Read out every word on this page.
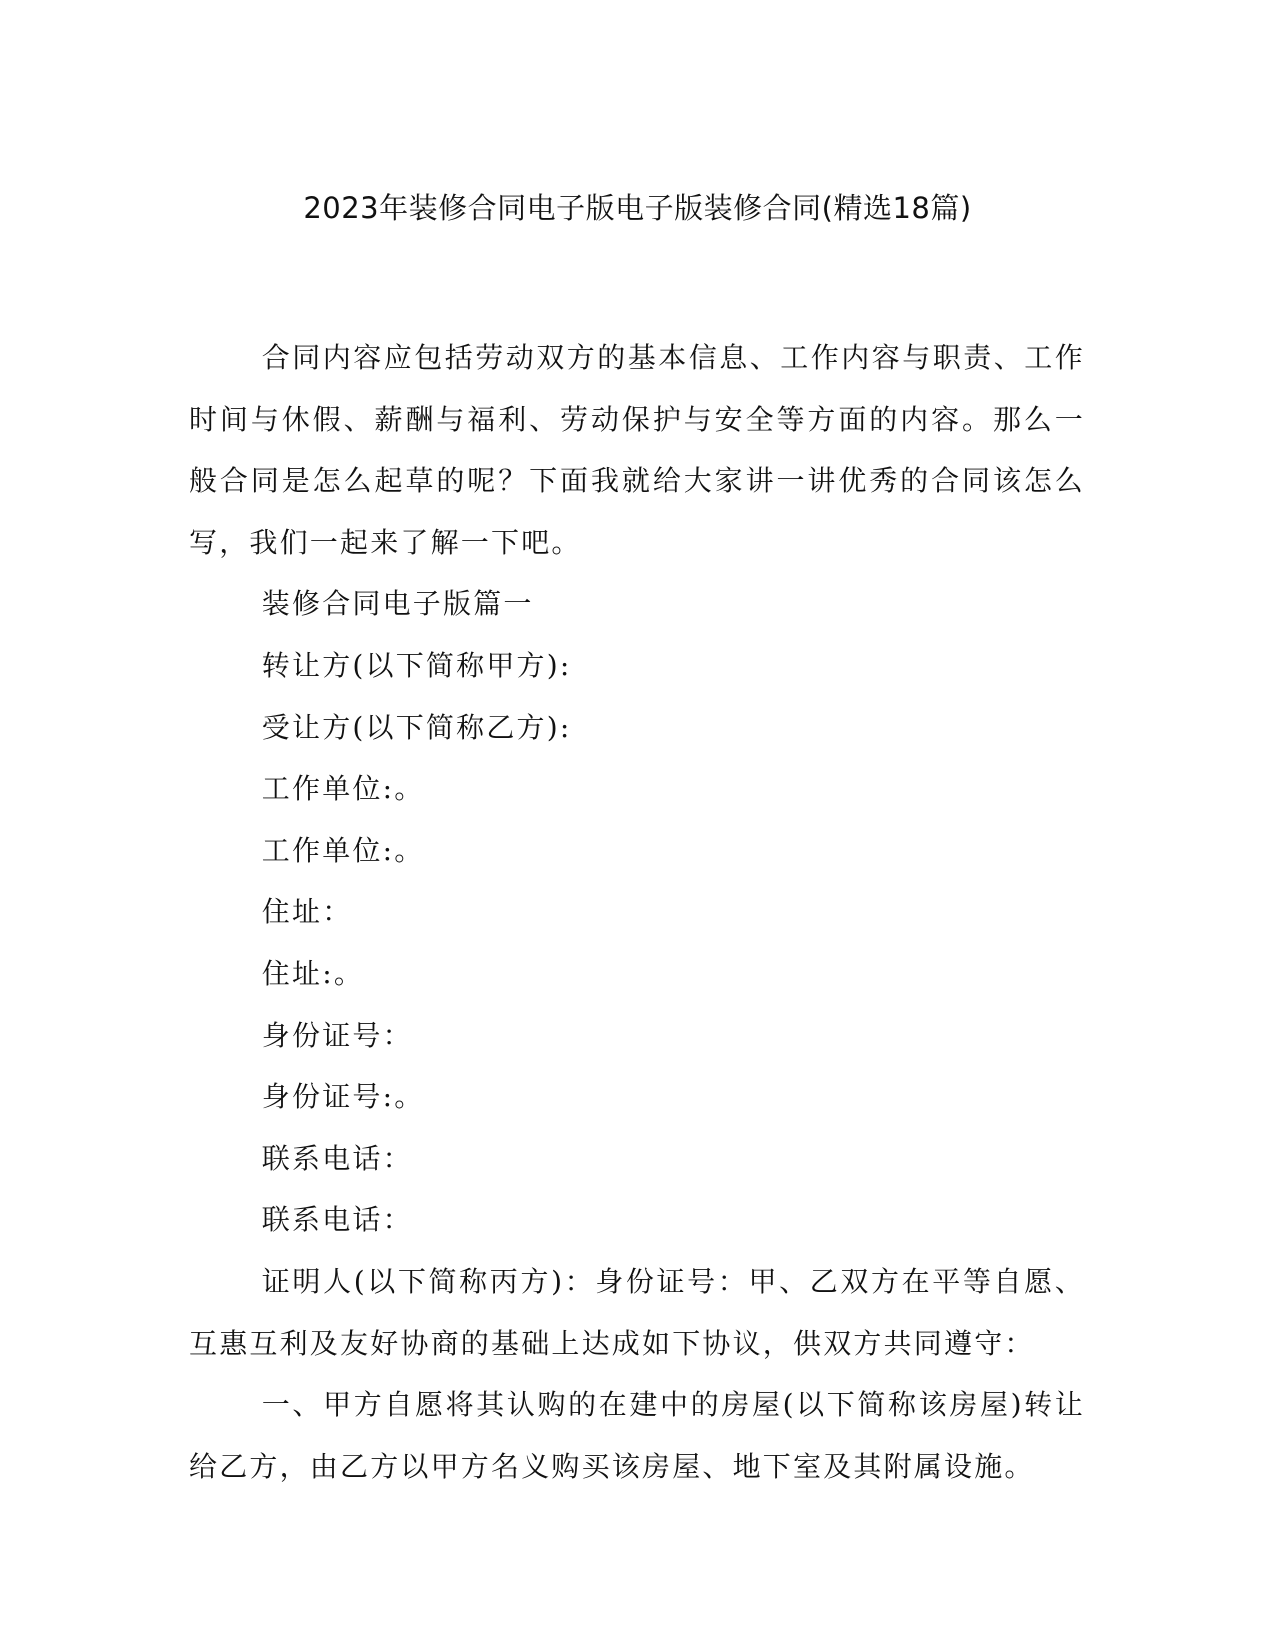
2023年装修合同电子版电子版装修合同(精选18篇)

合同内容应包括劳动双方的基本信息、工作内容与职责、工作时间与休假、薪酬与福利、劳动保护与安全等方面的内容。那么一般合同是怎么起草的呢？下面我就给大家讲一讲优秀的合同该怎么写，我们一起来了解一下吧。

装修合同电子版篇一

转让方(以下简称甲方):

受让方(以下简称乙方):

工作单位:。

工作单位:。

住址：

住址:。

身份证号：

身份证号:。

联系电话：

联系电话：

证明人(以下简称丙方)：身份证号：甲、乙双方在平等自愿、互惠互利及友好协商的基础上达成如下协议，供双方共同遵守：

一、甲方自愿将其认购的在建中的房屋(以下简称该房屋)转让给乙方，由乙方以甲方名义购买该房屋、地下室及其附属设施。
